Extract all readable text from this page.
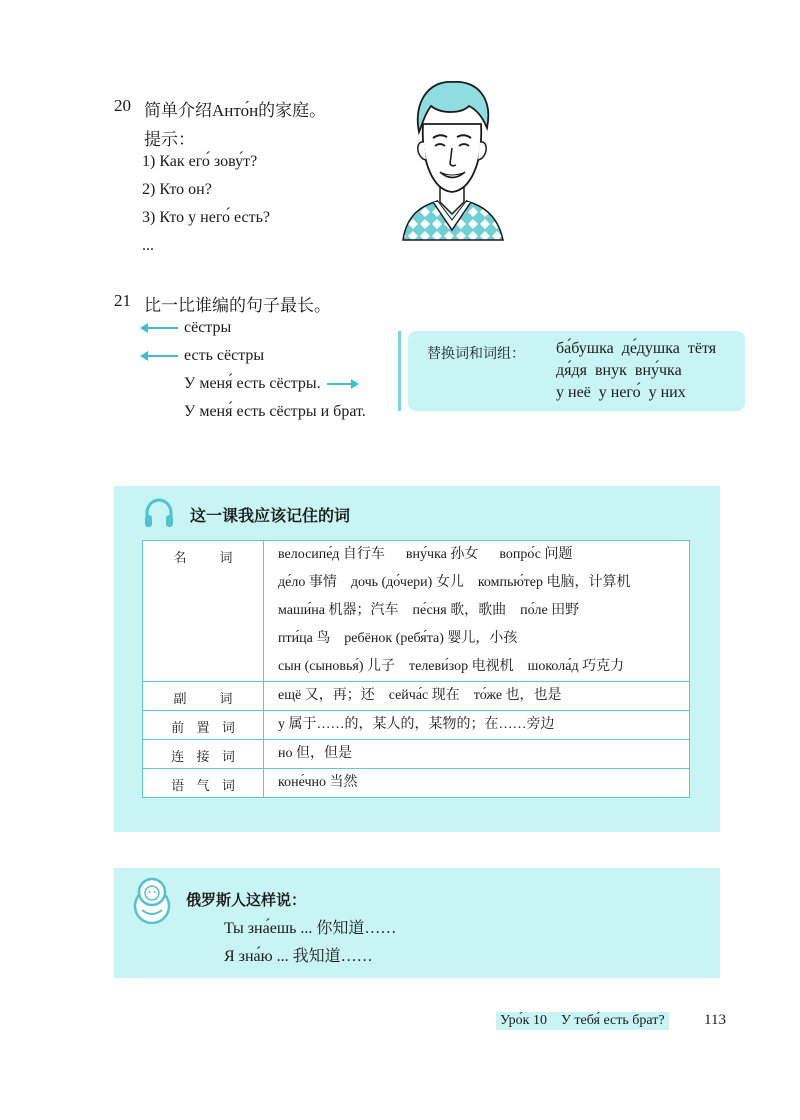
20 简单介绍Анто́н的家庭。
提示：
1) Как его́ зову́т?
2) Кто он?
3) Кто у него́ есть?
...
21 比一比谁编的句子最长。
сёстры
есть сёстры
У меня́ есть сёстры.
У меня́ есть сёстры и брат.
替换词和词组： ба́бушка  де́душка  тётя
дя́дя  внук  вну́чка
у неё  у него́  у них
这一课我应该记住的词
名        词	велосипе́д 自行车      вну́чка 孙女      вопро́с 问题
де́ло 事情    дочь (до́чери) 女儿    компью́тер 电脑，计算机
маши́на 机器；汽车    пе́сня 歌，歌曲    по́ле 田野
пти́ца 鸟    ребёнок (ребя́та) 婴儿，小孩
сын (сыновья́) 儿子    телеви́зор 电视机    шокола́д 巧克力

副        词	ещё 又，再；还    сейча́с 现在    то́же 也，也是

前   置   词	у 属于……的，某人的，某物的；在……旁边

连   接   词	но 但，但是

语   气   词	коне́чно 当然
俄罗斯人这样说：
Ты зна́ешь ... 你知道……
Я зна́ю ... 我知道……
Уро́к 10    У тебя́ есть брат?	113
